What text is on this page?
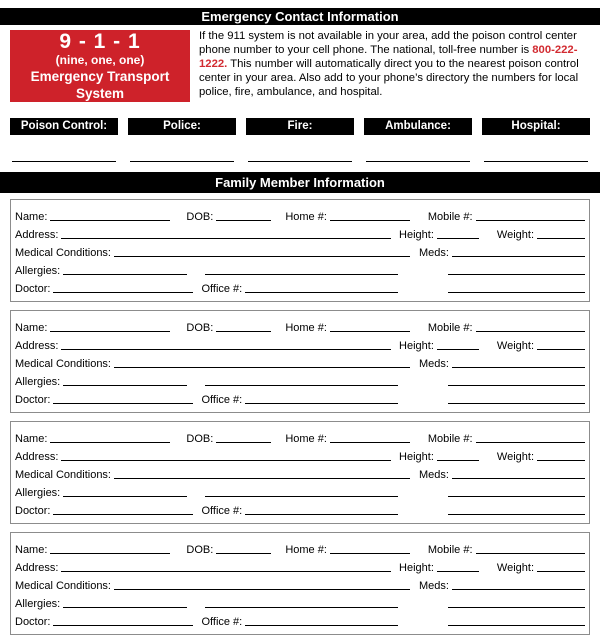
Emergency Contact Information
9 - 1 - 1
(nine, one, one)
Emergency Transport System

If the 911 system is not available in your area, add the poison control center phone number to your cell phone. The national, toll-free number is 800-222-1222. This number will automatically direct you to the nearest poison control center in your area. Also add to your phone’s directory the numbers for local police, fire, ambulance, and hospital.

Poison Control:	Police:	Fire:	Ambulance:	Hospital:
Family Member Information
Name:	DOB:	Home #:	Mobile #:
Address:	Height:	Weight:
Medical Conditions:	Meds:
Allergies:
Doctor:	Office #:
Name:	DOB:	Home #:	Mobile #:
Address:	Height:	Weight:
Medical Conditions:	Meds:
Allergies:
Doctor:	Office #:
Name:	DOB:	Home #:	Mobile #:
Address:	Height:	Weight:
Medical Conditions:	Meds:
Allergies:
Doctor:	Office #:
Name:	DOB:	Home #:	Mobile #:
Address:	Height:	Weight:
Medical Conditions:	Meds:
Allergies:
Doctor:	Office #:
